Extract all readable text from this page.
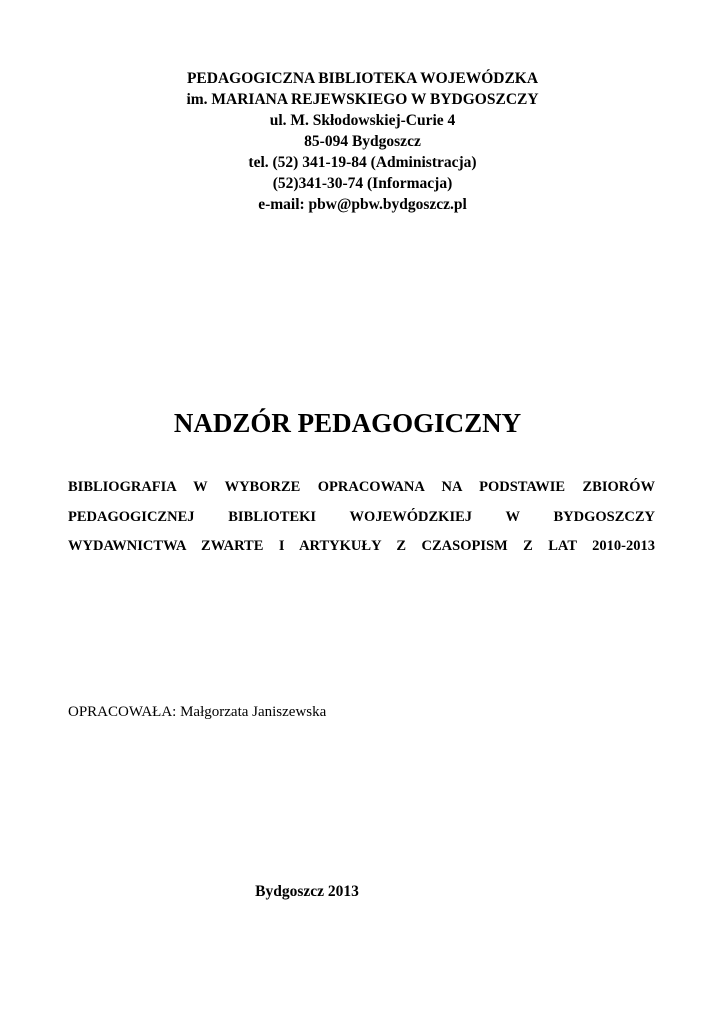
PEDAGOGICZNA BIBLIOTEKA WOJEWÓDZKA
im. MARIANA REJEWSKIEGO W BYDGOSZCZY
ul. M. Skłodowskiej-Curie 4
85-094 Bydgoszcz
tel. (52) 341-19-84 (Administracja)
(52)341-30-74 (Informacja)
e-mail: pbw@pbw.bydgoszcz.pl
NADZÓR PEDAGOGICZNY
BIBLIOGRAFIA W WYBORZE OPRACOWANA NA PODSTAWIE ZBIORÓW
PEDAGOGICZNEJ BIBLIOTEKI WOJEWÓDZKIEJ W BYDGOSZCZY
WYDAWNICTWA ZWARTE I ARTYKUŁY Z CZASOPISM Z LAT 2010-2013
OPRACOWAŁA: Małgorzata Janiszewska
Bydgoszcz 2013
